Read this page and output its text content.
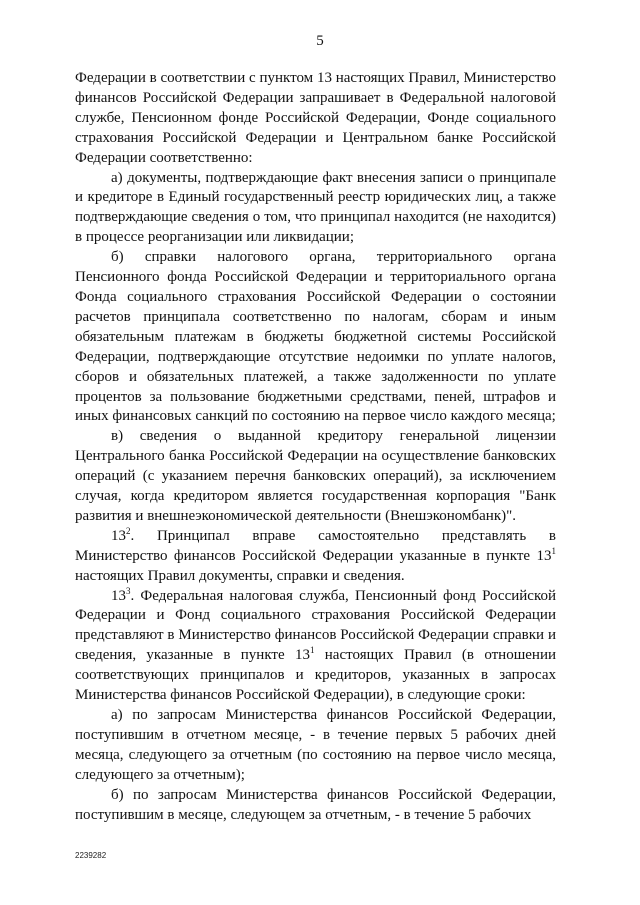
5

Федерации в соответствии с пунктом 13 настоящих Правил, Министерство финансов Российской Федерации запрашивает в Федеральной налоговой службе, Пенсионном фонде Российской Федерации, Фонде социального страхования Российской Федерации и Центральном банке Российской Федерации соответственно:

а) документы, подтверждающие факт внесения записи о принципале и кредиторе в Единый государственный реестр юридических лиц, а также подтверждающие сведения о том, что принципал находится (не находится) в процессе реорганизации или ликвидации;

б) справки налогового органа, территориального органа Пенсионного фонда Российской Федерации и территориального органа Фонда социального страхования Российской Федерации о состоянии расчетов принципала соответственно по налогам, сборам и иным обязательным платежам в бюджеты бюджетной системы Российской Федерации, подтверждающие отсутствие недоимки по уплате налогов, сборов и обязательных платежей, а также задолженности по уплате процентов за пользование бюджетными средствами, пеней, штрафов и иных финансовых санкций по состоянию на первое число каждого месяца;

в) сведения о выданной кредитору генеральной лицензии Центрального банка Российской Федерации на осуществление банковских операций (с указанием перечня банковских операций), за исключением случая, когда кредитором является государственная корпорация "Банк развития и внешнеэкономической деятельности (Внешэкономбанк)".

$13^2$. Принципал вправе самостоятельно представлять в Министерство финансов Российской Федерации указанные в пункте $13^1$ настоящих Правил документы, справки и сведения.

$13^3$. Федеральная налоговая служба, Пенсионный фонд Российской Федерации и Фонд социального страхования Российской Федерации представляют в Министерство финансов Российской Федерации справки и сведения, указанные в пункте $13^1$ настоящих Правил (в отношении соответствующих принципалов и кредиторов, указанных в запросах Министерства финансов Российской Федерации), в следующие сроки:

а) по запросам Министерства финансов Российской Федерации, поступившим в отчетном месяце, - в течение первых 5 рабочих дней месяца, следующего за отчетным (по состоянию на первое число месяца, следующего за отчетным);

б) по запросам Министерства финансов Российской Федерации, поступившим в месяце, следующем за отчетным, - в течение 5 рабочих

2239282
